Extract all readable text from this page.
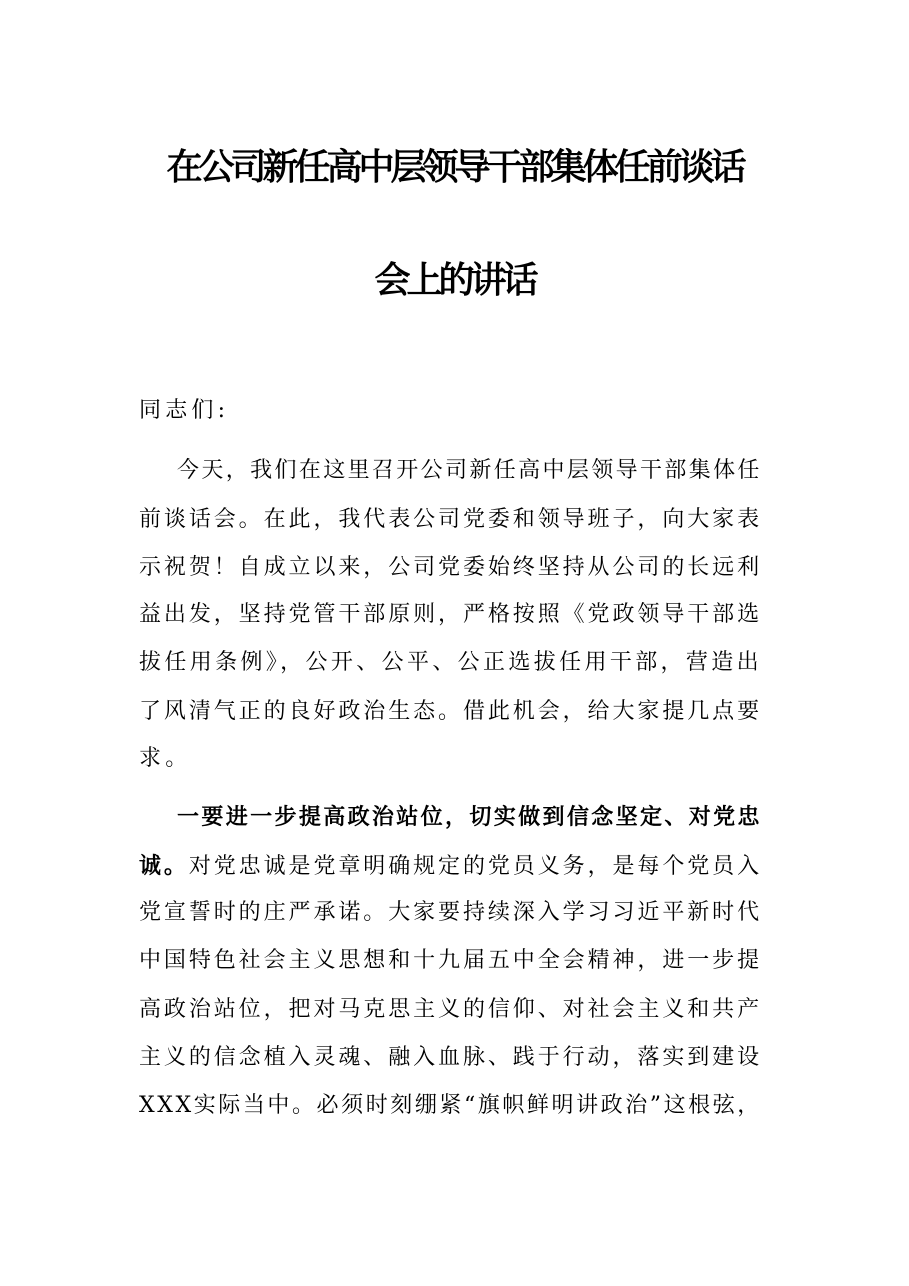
在公司新任高中层领导干部集体任前谈话
会上的讲话
同志们:
今天，我们在这里召开公司新任高中层领导干部集体任
前谈话会。在此，我代表公司党委和领导班子，向大家表
示祝贺！自成立以来，公司党委始终坚持从公司的长远利
益出发，坚持党管干部原则，严格按照《党政领导干部选
拔任用条例》，公开、公平、公正选拔任用干部，营造出
了风清气正的良好政治生态。借此机会，给大家提几点要
求。
一要进一步提高政治站位，切实做到信念坚定、对党忠
诚。对党忠诚是党章明确规定的党员义务，是每个党员入
党宣誓时的庄严承诺。大家要持续深入学习习近平新时代
中国特色社会主义思想和十九届五中全会精神，进一步提
高政治站位，把对马克思主义的信仰、对社会主义和共产
主义的信念植入灵魂、融入血脉、践于行动，落实到建设
XXX实际当中。必须时刻绷紧“旗帜鲜明讲政治”这根弦，
